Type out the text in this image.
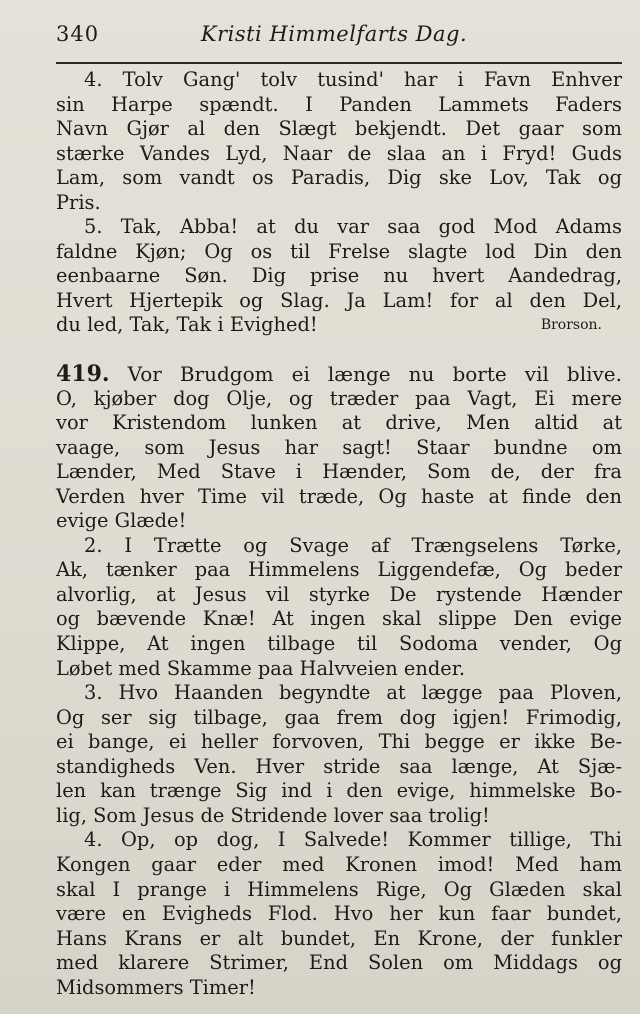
340	Kristi Himmelfarts Dag.
4. Tolv Gang' tolv tusind' har i Favn Enhver
sin Harpe spændt. I Panden Lammets Faders
Navn Gjør al den Slægt bekjendt. Det gaar som
stærke Vandes Lyd, Naar de slaa an i Fryd! Guds
Lam, som vandt os Paradis, Dig ske Lov, Tak og
Pris.
5. Tak, Abba! at du var saa god Mod Adams
faldne Kjøn; Og os til Frelse slagte lod Din den
eenbaarne Søn. Dig prise nu hvert Aandedrag,
Hvert Hjertepik og Slag. Ja Lam! for al den Del,
du led, Tak, Tak i Evighed!	Brorson.
419. Vor Brudgom ei længe nu borte vil blive.
O, kjøber dog Olje, og træder paa Vagt, Ei mere
vor Kristendom lunken at drive, Men altid at
vaage, som Jesus har sagt! Staar bundne om
Lænder, Med Stave i Hænder, Som de, der fra
Verden hver Time vil træde, Og haste at finde den
evige Glæde!
2. I Trætte og Svage af Trængselens Tørke,
Ak, tænker paa Himmelens Liggendefæ, Og beder
alvorlig, at Jesus vil styrke De rystende Hænder
og bævende Knæ! At ingen skal slippe Den evige
Klippe, At ingen tilbage til Sodoma vender, Og
Løbet med Skamme paa Halvveien ender.
3. Hvo Haanden begyndte at lægge paa Ploven,
Og ser sig tilbage, gaa frem dog igjen! Frimodig,
ei bange, ei heller forvoven, Thi begge er ikke Be-
standigheds Ven. Hver stride saa længe, At Sjæ-
len kan trænge Sig ind i den evige, himmelske Bo-
lig, Som Jesus de Stridende lover saa trolig!
4. Op, op dog, I Salvede! Kommer tillige, Thi
Kongen gaar eder med Kronen imod! Med ham
skal I prange i Himmelens Rige, Og Glæden skal
være en Evigheds Flod. Hvo her kun faar bundet,
Hans Krans er alt bundet, En Krone, der funkler
med klarere Strimer, End Solen om Middags og
Midsommers Timer!
